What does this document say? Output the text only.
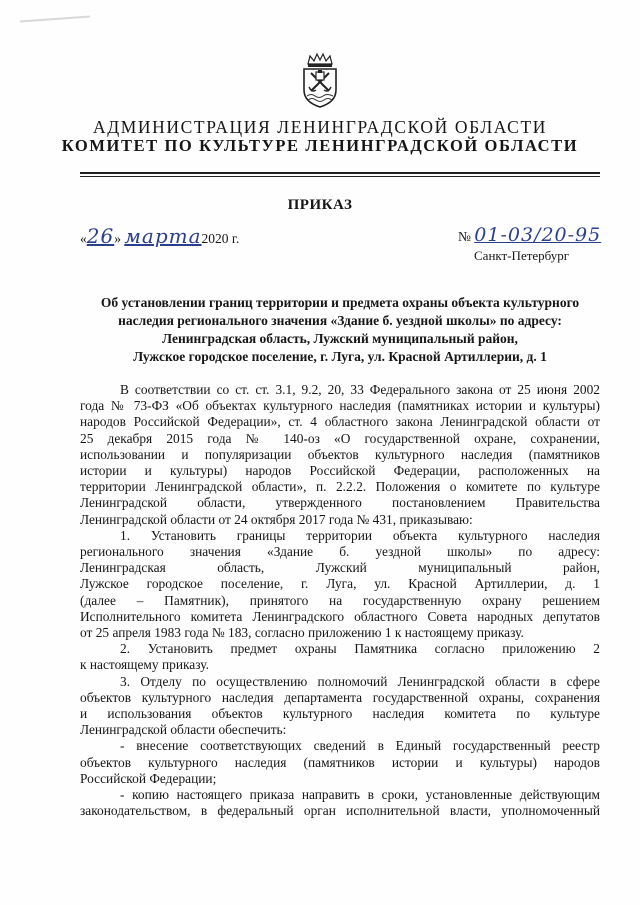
АДМИНИСТРАЦИЯ ЛЕНИНГРАДСКОЙ ОБЛАСТИ
КОМИТЕТ ПО КУЛЬТУРЕ ЛЕНИНГРАДСКОЙ ОБЛАСТИ
ПРИКАЗ
«26» марта2020 г.	№ 01-03/20-95
Санкт-Петербург
Об установлении границ территории и предмета охраны объекта культурного
наследия регионального значения «Здание б. уездной школы» по адресу:
Ленинградская область, Лужский муниципальный район,
Лужское городское поселение, г. Луга, ул. Красной Артиллерии, д. 1

В соответствии со ст. ст. 3.1, 9.2, 20, 33 Федерального закона от 25 июня 2002

года № 73-ФЗ «Об объектах культурного наследия (памятниках истории и культуры)

народов Российской Федерации», ст. 4 областного закона Ленинградской области от

25 декабря 2015 года № 140-оз «О государственной охране, сохранении,

использовании и популяризации объектов культурного наследия (памятников

истории и культуры) народов Российской Федерации, расположенных на

территории Ленинградской области», п. 2.2.2. Положения о комитете по культуре

Ленинградской области, утвержденного постановлением Правительства

Ленинградской области от 24 октября 2017 года № 431, приказываю:

1. Установить границы территории объекта культурного наследия

регионального значения «Здание б. уездной школы» по адресу:

Ленинградская область, Лужский муниципальный район,

Лужское городское поселение, г. Луга, ул. Красной Артиллерии, д. 1

(далее – Памятник), принятого на государственную охрану решением

Исполнительного комитета Ленинградского областного Совета народных депутатов

от 25 апреля 1983 года № 183, согласно приложению 1 к настоящему приказу.

2. Установить предмет охраны Памятника согласно приложению 2

к настоящему приказу.

3. Отделу по осуществлению полномочий Ленинградской области в сфере

объектов культурного наследия департамента государственной охраны, сохранения

и использования объектов культурного наследия комитета по культуре

Ленинградской области обеспечить:

- внесение соответствующих сведений в Единый государственный реестр

объектов культурного наследия (памятников истории и культуры) народов

Российской Федерации;

- копию настоящего приказа направить в сроки, установленные действующим

законодательством, в федеральный орган исполнительной власти, уполномоченный
